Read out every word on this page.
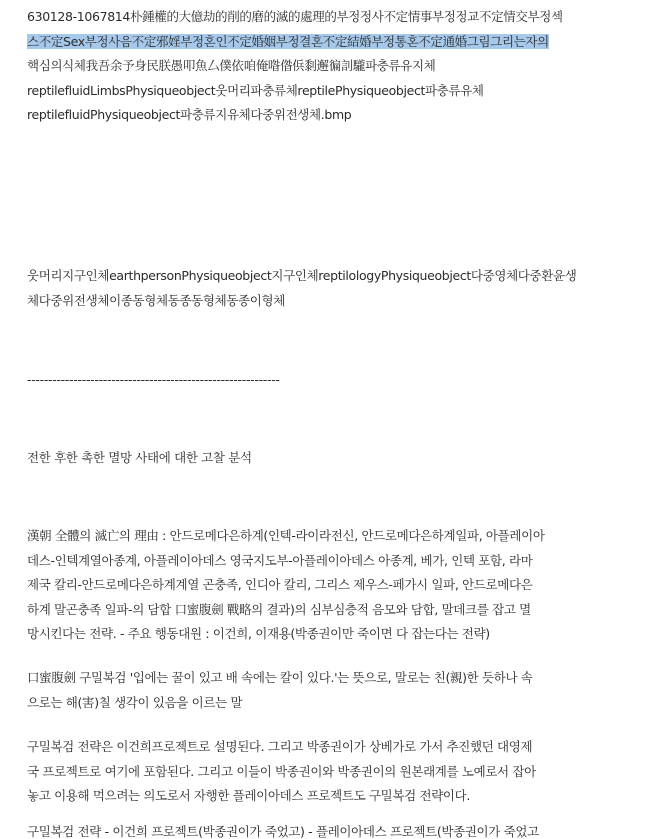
630128-1067814朴鍾權的大億劫的削的磨的滅的處理的부정정사不定情事부정정교不定情交부정섹
스不定Sex부정사음不定邪婬부정혼인不定婚姻부정결혼不定結婚부정통혼不定通婚그림그리는자의
핵심의식체我吾余予身民朕愚叩魚厶僕依咱俺喒偺㑟㓿邂徧䚯䮾파충류유지체
reptilefluidLimbsPhysiqueobject웃머리파충류체reptilePhysiqueobject파충류유체
reptilefluidPhysiqueobject파충류지유체다중위전생체.bmp
웃머리지구인체earthpersonPhysiqueobject지구인체reptilologyPhysiqueobject다중영체다중환윤생
체다중위전생체이종동형체동종동형체동종이형체
------------------------------------------------------------
전한 후한 촉한 멸망 사태에 대한 고찰 분석
漢朝 全體의 滅亡의 理由 : 안드로메다은하계(인텍-라이라전신, 안드로메다은하계일파, 아플레이아
데스-인텍계열아종계, 아플레이아데스 영국지도부-아플레이아데스 아종계, 베가, 인텍 포함, 라마
제국 칼리-안드로메다은하계계열 곤충족, 인디아 칼리, 그리스 제우스-페가시 일파, 안드로메다은
하계 말곤충족 일파-의 담합 口蜜腹劍 戰略의 결과)의 심부심층적 음모와 담합, 말데크를 잡고 멸
망시킨다는 전략. - 주요 행동대원 : 이건희, 이재용(박종권이만 죽이면 다 잡는다는 전략)
口蜜腹劍 구밀복검 '입에는 꿀이 있고 배 속에는 칼이 있다.'는 뜻으로, 말로는 친(親)한 듯하나 속
으로는 해(害)칠 생각이 있음을 이르는 말
구밀복검 전략은 이건희프로젝트로 설명된다. 그리고 박종권이가 상베가로 가서 추진했던 대영제
국 프로젝트로 여기에 포함된다. 그리고 이들이 박종권이와 박종권이의 원본래계를 노예로서 잡아
놓고 이용해 먹으려는 의도로서 자행한 플레이아데스 프로젝트도 구밀복검 전략이다.
구밀복검 전략 - 이건희 프로젝트(박종권이가 죽었고) - 플레이아데스 프로젝트(박종권이가 죽었고
